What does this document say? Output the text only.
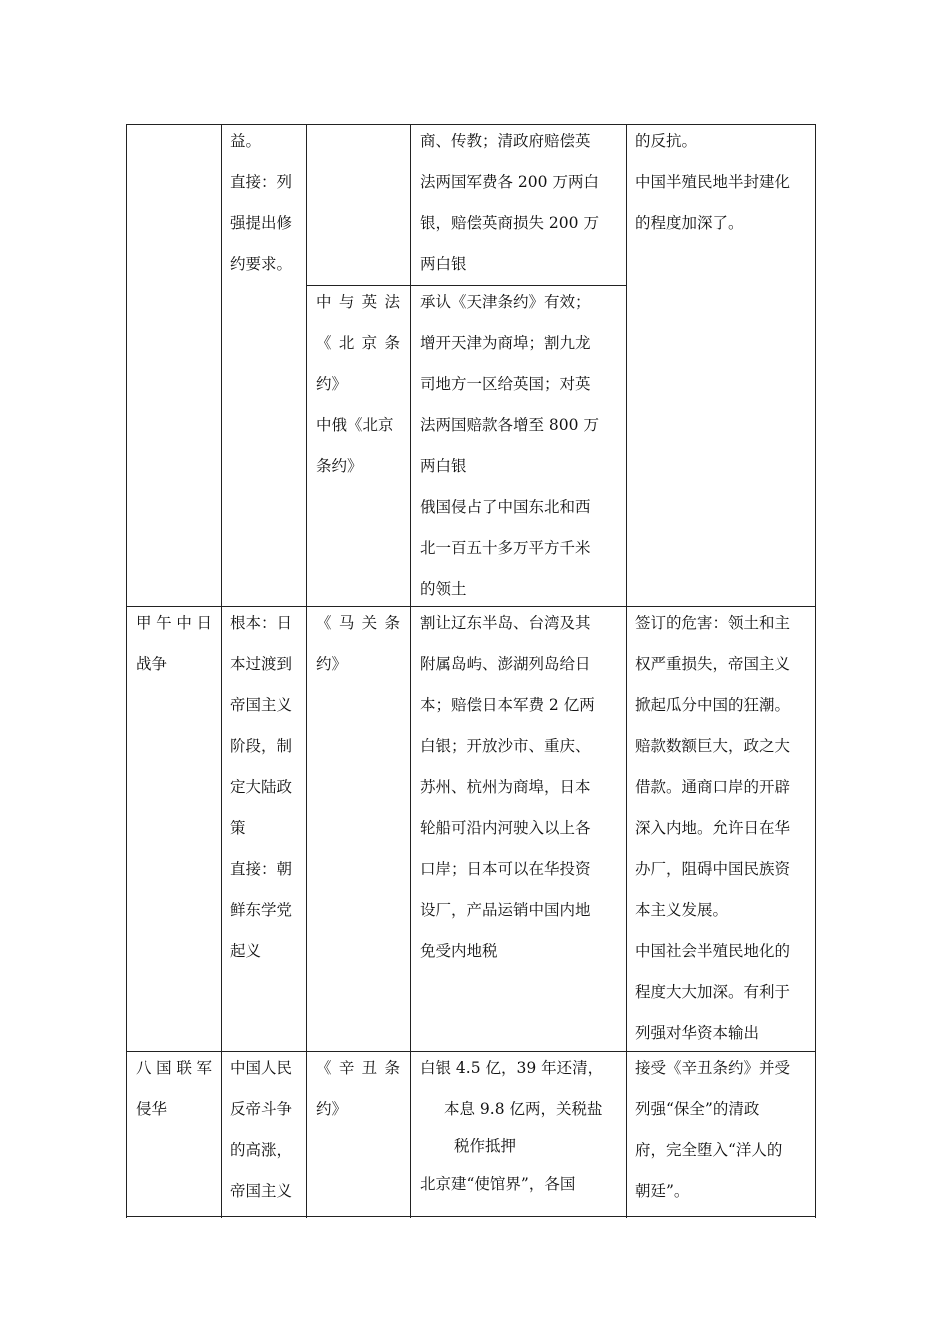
益。

直接：列

强提出修

约要求。

商、传教；清政府赔偿英

法两国军费各 200 万两白

银，赔偿英商损失 200 万

两白银

的反抗。

中国半殖民地半封建化

的程度加深了。

中与英法

《北京条

约》

中俄《北京

条约》

承认《天津条约》有效；

增开天津为商埠；割九龙

司地方一区给英国；对英

法两国赔款各增至 800 万

两白银

俄国侵占了中国东北和西

北一百五十多万平方千米

的领土

甲午中日

战争

根本：日

本过渡到

帝国主义

阶段，制

定大陆政

策

直接：朝

鲜东学党

起义

《马关条

约》

割让辽东半岛、台湾及其

附属岛屿、澎湖列岛给日

本；赔偿日本军费 2 亿两

白银；开放沙市、重庆、

苏州、杭州为商埠，日本

轮船可沿内河驶入以上各

口岸；日本可以在华投资

设厂，产品运销中国内地

免受内地税

签订的危害：领土和主

权严重损失，帝国主义

掀起瓜分中国的狂潮。

赔款数额巨大，政之大

借款。通商口岸的开辟

深入内地。允许日在华

办厂，阻碍中国民族资

本主义发展。

中国社会半殖民地化的

程度大大加深。有利于

列强对华资本输出

八国联军

侵华

中国人民

反帝斗争

的高涨，

帝国主义

《辛丑条

约》

白银 4.5 亿，39 年还清，

本息 9.8 亿两，关税盐

税作抵押

北京建“使馆界”，各国

接受《辛丑条约》并受

列强“保全”的清政

府，完全堕入“洋人的

朝廷”。
